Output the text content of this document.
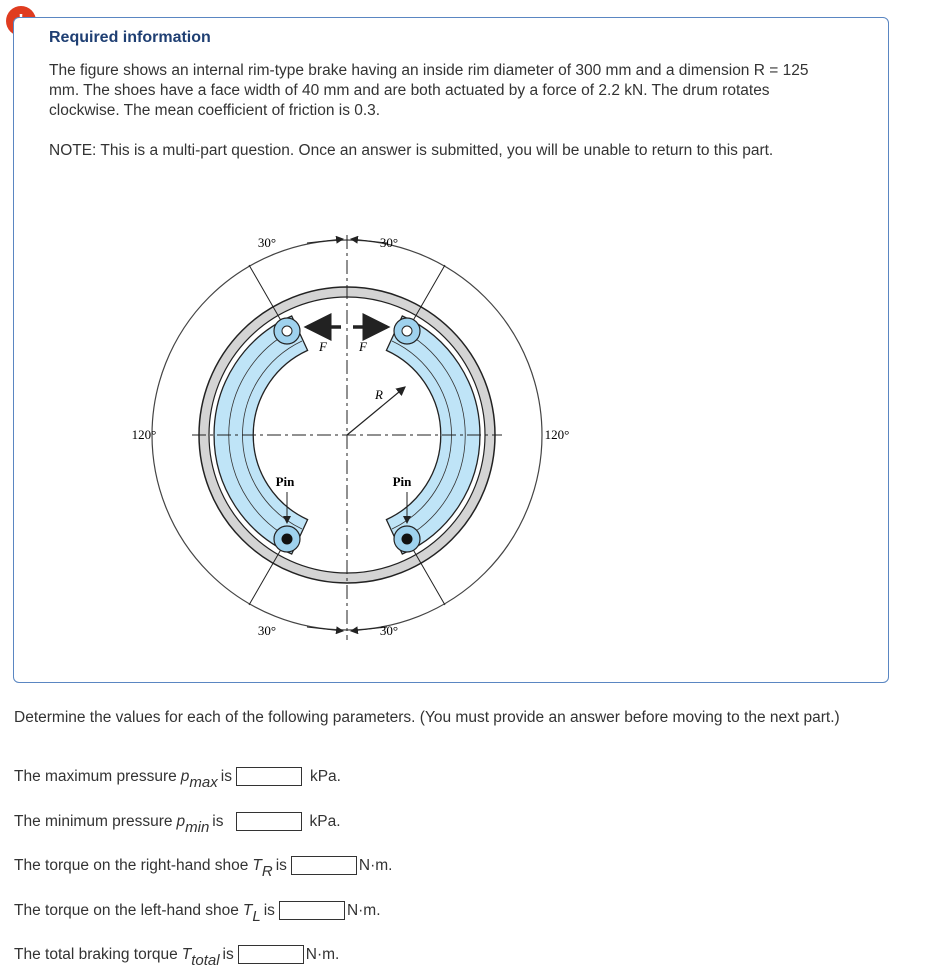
Required information
The figure shows an internal rim-type brake having an inside rim diameter of 300 mm and a dimension R = 125 mm. The shoes have a face width of 40 mm and are both actuated by a force of 2.2 kN. The drum rotates clockwise. The mean coefficient of friction is 0.3.
NOTE: This is a multi-part question. Once an answer is submitted, you will be unable to return to this part.
30°	30°
30°	30°
120°	120°
Pin	Pin
F F
R
Determine the values for each of the following parameters. (You must provide an answer before moving to the next part.)
The maximum pressure p max is	kPa.
The minimum pressure p min is	kPa.
The torque on the right-hand shoe T R is	N·m.
The torque on the left-hand shoe T L is	N·m.
The total braking torque T total is	N·m.
